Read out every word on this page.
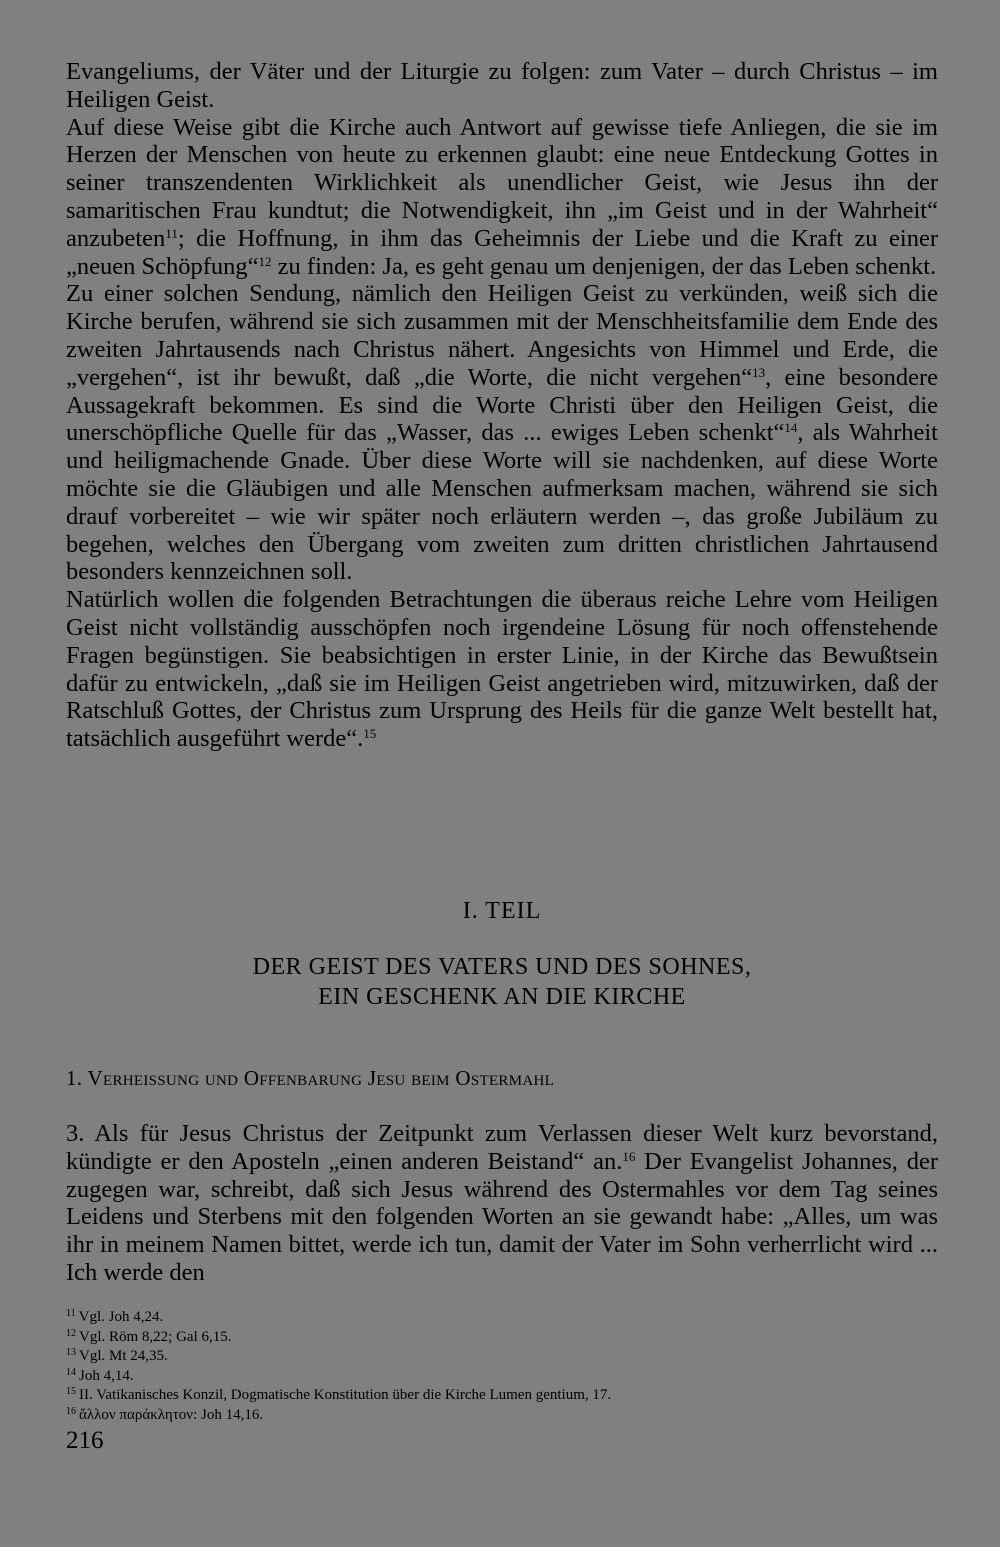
Evangeliums, der Väter und der Liturgie zu folgen: zum Vater – durch Christus – im Heiligen Geist.

Auf diese Weise gibt die Kirche auch Antwort auf gewisse tiefe Anliegen, die sie im Herzen der Menschen von heute zu erkennen glaubt: eine neue Entdeckung Gottes in seiner transzendenten Wirklichkeit als unendlicher Geist, wie Jesus ihn der samaritischen Frau kundtut; die Notwendigkeit, ihn „im Geist und in der Wahrheit“ anzubeten$^{11}$; die Hoffnung, in ihm das Geheimnis der Liebe und die Kraft zu einer „neuen Schöpfung“$^{12}$ zu finden: Ja, es geht genau um denjenigen, der das Leben schenkt.

Zu einer solchen Sendung, nämlich den Heiligen Geist zu verkünden, weiß sich die Kirche berufen, während sie sich zusammen mit der Menschheitsfamilie dem Ende des zweiten Jahrtausends nach Christus nähert. Angesichts von Himmel und Erde, die „vergehen“, ist ihr bewußt, daß „die Worte, die nicht vergehen“$^{13}$, eine besondere Aussagekraft bekommen. Es sind die Worte Christi über den Heiligen Geist, die unerschöpfliche Quelle für das „Wasser, das ... ewiges Leben schenkt“$^{14}$, als Wahrheit und heiligmachende Gnade. Über diese Worte will sie nachdenken, auf diese Worte möchte sie die Gläubigen und alle Menschen aufmerksam machen, während sie sich drauf vorbereitet – wie wir später noch erläutern werden –, das große Jubiläum zu begehen, welches den Übergang vom zweiten zum dritten christlichen Jahrtausend besonders kennzeichnen soll.

Natürlich wollen die folgenden Betrachtungen die überaus reiche Lehre vom Heiligen Geist nicht vollständig ausschöpfen noch irgendeine Lösung für noch offenstehende Fragen begünstigen. Sie beabsichtigen in erster Linie, in der Kirche das Bewußtsein dafür zu entwickeln, „daß sie im Heiligen Geist angetrieben wird, mitzuwirken, daß der Ratschluß Gottes, der Christus zum Ursprung des Heils für die ganze Welt bestellt hat, tatsächlich ausgeführt werde“.$^{15}$

I. TEIL
DER GEIST DES VATERS UND DES SOHNES,
EIN GESCHENK AN DIE KIRCHE
1. Verheissung und Offenbarung Jesu beim Ostermahl

3. Als für Jesus Christus der Zeitpunkt zum Verlassen dieser Welt kurz bevorstand, kündigte er den Aposteln „einen anderen Beistand“ an.$^{16}$ Der Evangelist Johannes, der zugegen war, schreibt, daß sich Jesus während des Ostermahles vor dem Tag seines Leidens und Sterbens mit den folgenden Worten an sie gewandt habe: „Alles, um was ihr in meinem Namen bittet, werde ich tun, damit der Vater im Sohn verherrlicht wird ... Ich werde den

$^{11}$ Vgl. Joh 4,24.
$^{12}$ Vgl. Röm 8,22; Gal 6,15.
$^{13}$ Vgl. Mt 24,35.
$^{14}$ Joh 4,14.
$^{15}$ II. Vatikanisches Konzil, Dogmatische Konstitution über die Kirche Lumen gentium, 17.
$^{16}$ ἄλλον παράκλητον: Joh 14,16.
216
